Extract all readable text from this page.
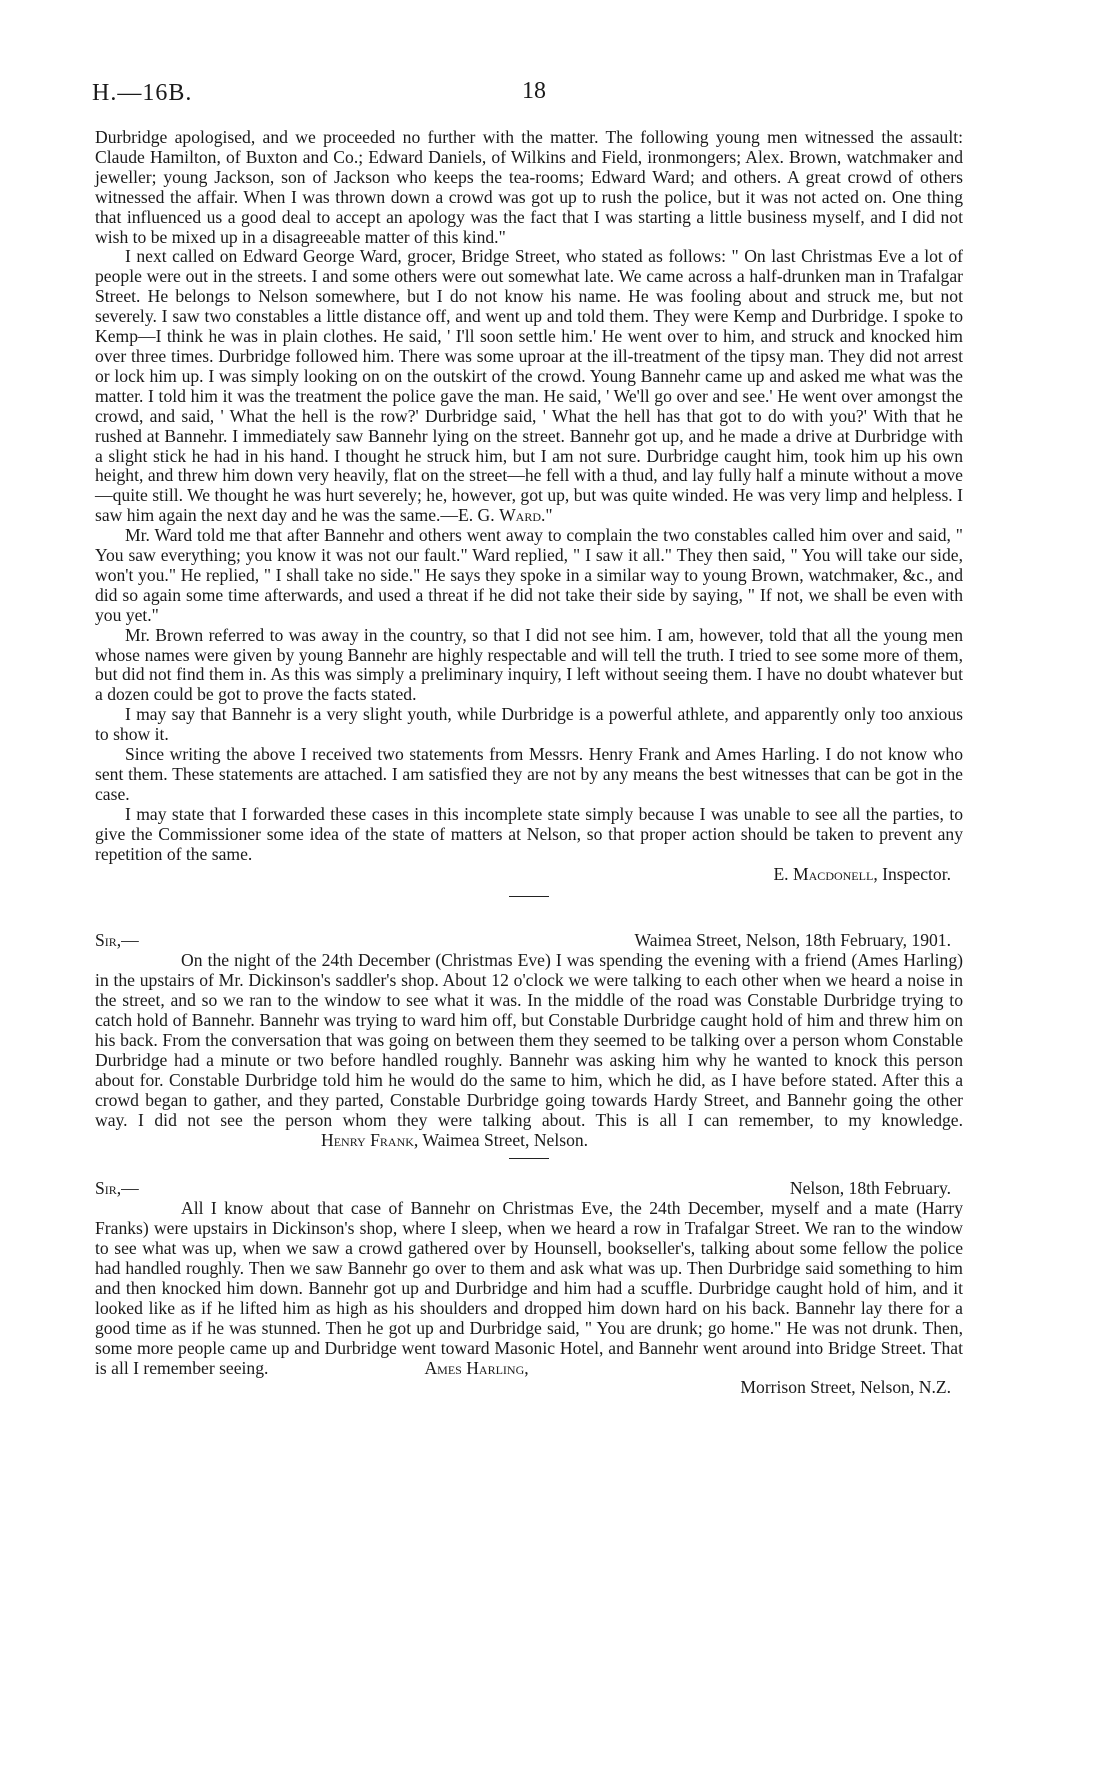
H.—16B.	18

Durbridge apologised, and we proceeded no further with the matter. The following young men witnessed the assault: Claude Hamilton, of Buxton and Co.; Edward Daniels, of Wilkins and Field, ironmongers; Alex. Brown, watchmaker and jeweller; young Jackson, son of Jackson who keeps the tea-rooms; Edward Ward; and others. A great crowd of others witnessed the affair. When I was thrown down a crowd was got up to rush the police, but it was not acted on. One thing that influenced us a good deal to accept an apology was the fact that I was starting a little business myself, and I did not wish to be mixed up in a disagreeable matter of this kind."

I next called on Edward George Ward, grocer, Bridge Street, who stated as follows: " On last Christmas Eve a lot of people were out in the streets. I and some others were out somewhat late. We came across a half-drunken man in Trafalgar Street. He belongs to Nelson somewhere, but I do not know his name. He was fooling about and struck me, but not severely. I saw two constables a little distance off, and went up and told them. They were Kemp and Durbridge. I spoke to Kemp—I think he was in plain clothes. He said, ' I'll soon settle him.' He went over to him, and struck and knocked him over three times. Durbridge followed him. There was some uproar at the ill-treatment of the tipsy man. They did not arrest or lock him up. I was simply looking on on the outskirt of the crowd. Young Bannehr came up and asked me what was the matter. I told him it was the treatment the police gave the man. He said, ' We'll go over and see.' He went over amongst the crowd, and said, ' What the hell is the row?' Durbridge said, ' What the hell has that got to do with you?' With that he rushed at Bannehr. I immediately saw Bannehr lying on the street. Bannehr got up, and he made a drive at Durbridge with a slight stick he had in his hand. I thought he struck him, but I am not sure. Durbridge caught him, took him up his own height, and threw him down very heavily, flat on the street—he fell with a thud, and lay fully half a minute without a move—quite still. We thought he was hurt severely; he, however, got up, but was quite winded. He was very limp and helpless. I saw him again the next day and he was the same.—E. G. Ward."

Mr. Ward told me that after Bannehr and others went away to complain the two constables called him over and said, " You saw everything; you know it was not our fault." Ward replied, " I saw it all." They then said, " You will take our side, won't you." He replied, " I shall take no side." He says they spoke in a similar way to young Brown, watchmaker, &c., and did so again some time afterwards, and used a threat if he did not take their side by saying, " If not, we shall be even with you yet."

Mr. Brown referred to was away in the country, so that I did not see him. I am, however, told that all the young men whose names were given by young Bannehr are highly respectable and will tell the truth. I tried to see some more of them, but did not find them in. As this was simply a preliminary inquiry, I left without seeing them. I have no doubt whatever but a dozen could be got to prove the facts stated.

I may say that Bannehr is a very slight youth, while Durbridge is a powerful athlete, and apparently only too anxious to show it.

Since writing the above I received two statements from Messrs. Henry Frank and Ames Harling. I do not know who sent them. These statements are attached. I am satisfied they are not by any means the best witnesses that can be got in the case.

I may state that I forwarded these cases in this incomplete state simply because I was unable to see all the parties, to give the Commissioner some idea of the state of matters at Nelson, so that proper action should be taken to prevent any repetition of the same.

E. Macdonell, Inspector.

Sir,—	Waimea Street, Nelson, 18th February, 1901.

On the night of the 24th December (Christmas Eve) I was spending the evening with a friend (Ames Harling) in the upstairs of Mr. Dickinson's saddler's shop. About 12 o'clock we were talking to each other when we heard a noise in the street, and so we ran to the window to see what it was. In the middle of the road was Constable Durbridge trying to catch hold of Bannehr. Bannehr was trying to ward him off, but Constable Durbridge caught hold of him and threw him on his back. From the conversation that was going on between them they seemed to be talking over a person whom Constable Durbridge had a minute or two before handled roughly. Bannehr was asking him why he wanted to knock this person about for. Constable Durbridge told him he would do the same to him, which he did, as I have before stated. After this a crowd began to gather, and they parted, Constable Durbridge going towards Hardy Street, and Bannehr going the other way. I did not see the person whom they were talking about. This is all I can remember, to my knowledge.Henry Frank, Waimea Street, Nelson.

Sir,—	Nelson, 18th February.

All I know about that case of Bannehr on Christmas Eve, the 24th December, myself and a mate (Harry Franks) were upstairs in Dickinson's shop, where I sleep, when we heard a row in Trafalgar Street. We ran to the window to see what was up, when we saw a crowd gathered over by Hounsell, bookseller's, talking about some fellow the police had handled roughly. Then we saw Bannehr go over to them and ask what was up. Then Durbridge said something to him and then knocked him down. Bannehr got up and Durbridge and him had a scuffle. Durbridge caught hold of him, and it looked like as if he lifted him as high as his shoulders and dropped him down hard on his back. Bannehr lay there for a good time as if he was stunned. Then he got up and Durbridge said, " You are drunk; go home." He was not drunk. Then, some more people came up and Durbridge went toward Masonic Hotel, and Bannehr went around into Bridge Street. That is all I remember seeing.	Ames Harling,

Morrison Street, Nelson, N.Z.
